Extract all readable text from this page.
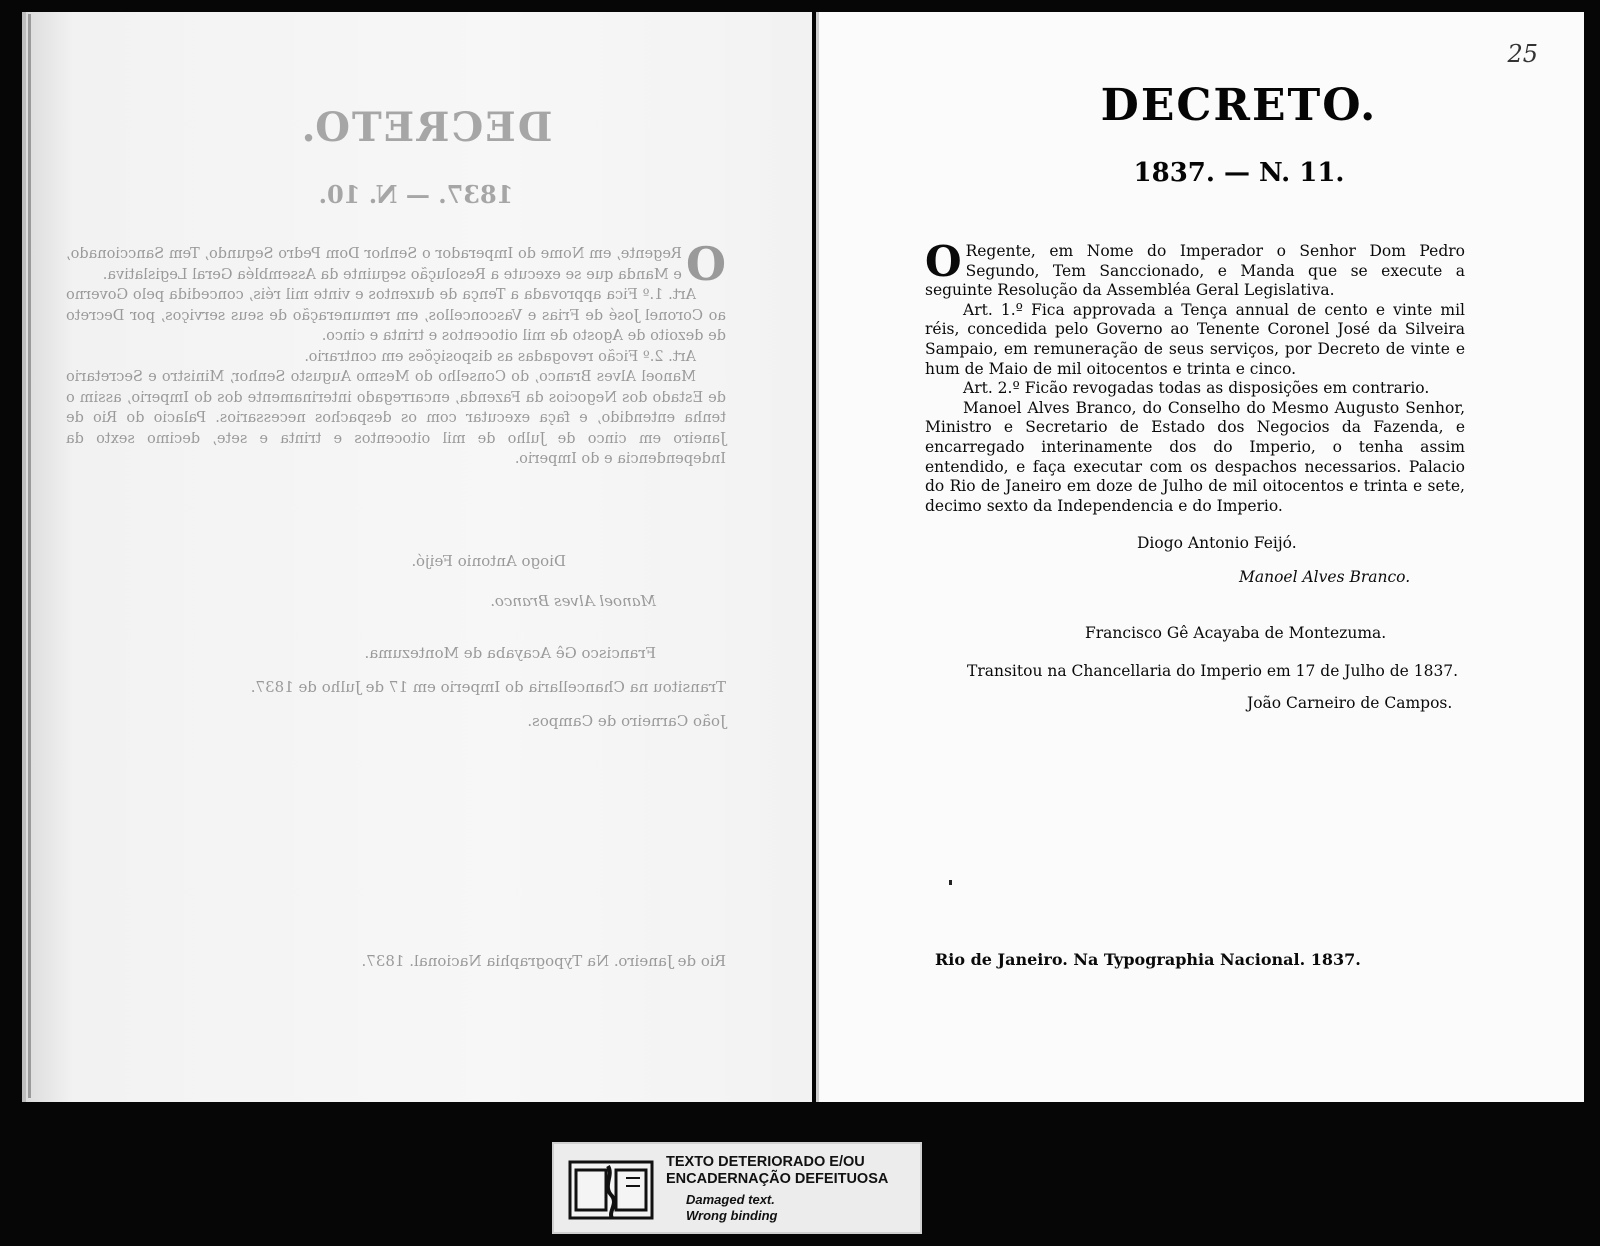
DECRETO.
1837. — N. 10.

O
Regente, em Nome do Imperador o Senhor Dom Pedro Segundo, Tem Sanccionado, e Manda que se execute a Resolução seguinte da Assembléa Geral Legislativa.

Art. 1.º Fica approvada a Tença de duzentos e vinte mil réis, concedida pelo Governo ao Coronel José de Frias e Vasconcellos, em remuneração de seus serviços, por Decreto de dezoito de Agosto de mil oitocentos e trinta e cinco.

Art. 2.º Ficão revogadas as disposições em contrario.

Manoel Alves Branco, do Conselho do Mesmo Augusto Senhor, Ministro e Secretario de Estado dos Negocios da Fazenda, encarregado interinamente dos do Imperio, assim o tenha entendido, e faça executar com os despachos necessarios. Palacio do Rio de Janeiro em cinco de Julho de mil oitocentos e trinta e sete, decimo sexto da Independencia e do Imperio.

Diogo Antonio Feijó.
Manoel Alves Branco.
Francisco Gê Acayaba de Montezuma.
Transitou na Chancellaria do Imperio em 17 de Julho de 1837.
João Carneiro de Campos.
Rio de Janeiro. Na Typographia Nacional. 1837.
25
DECRETO.
1837. — N. 11.

O Regente, em Nome do Imperador o Senhor Dom Pedro Segundo, Tem Sanccionado, e Manda que se execute a seguinte Resolução da Assembléa Geral Legislativa.

Art. 1.º Fica approvada a Tença annual de cento e vinte mil réis, concedida pelo Governo ao Tenente Coronel José da Silveira Sampaio, em remuneração de seus serviços, por Decreto de vinte e hum de Maio de mil oitocentos e trinta e cinco.

Art. 2.º Ficão revogadas todas as disposições em contrario.

Manoel Alves Branco, do Conselho do Mesmo Augusto Senhor, Ministro e Secretario de Estado dos Negocios da Fazenda, e encarregado interinamente dos do Imperio, o tenha assim entendido, e faça executar com os despachos necessarios. Palacio do Rio de Janeiro em doze de Julho de mil oitocentos e trinta e sete, decimo sexto da Independencia e do Imperio.

Diogo Antonio Feijó.
Manoel Alves Branco.
Francisco Gê Acayaba de Montezuma.
Transitou na Chancellaria do Imperio em 17 de Julho de 1837.
João Carneiro de Campos.
Rio de Janeiro. Na Typographia Nacional. 1837.
TEXTO DETERIORADO E/OU
ENCADERNAÇÃO DEFEITUOSA
Damaged text.
Wrong binding
